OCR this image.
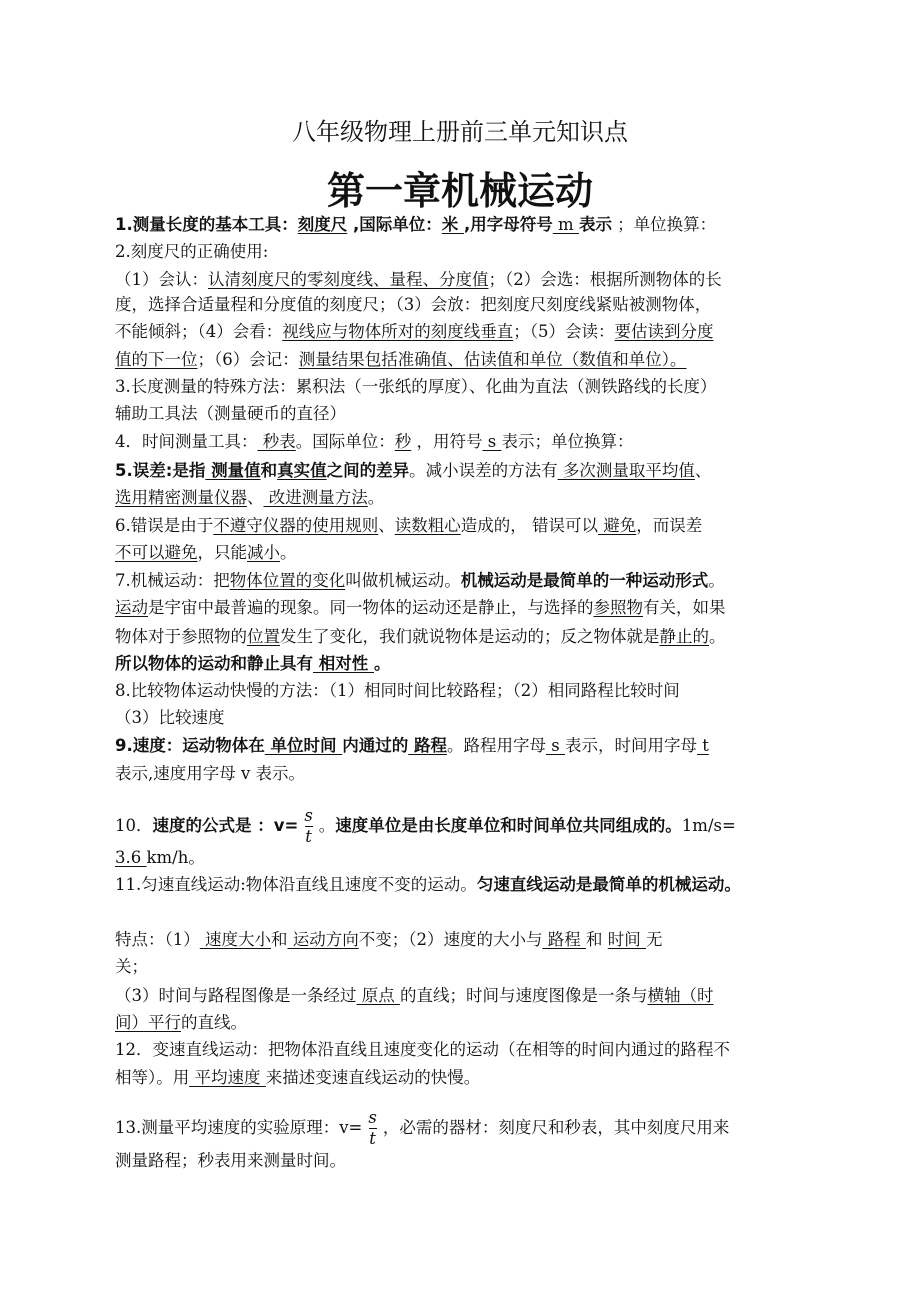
八年级物理上册前三单元知识点
第一章机械运动
1.测量长度的基本工具：刻度尺 ,国际单位：米 ,用字母符号 m 表示 ；单位换算：
2.刻度尺的正确使用:
（1）会认：认清刻度尺的零刻度线、量程、分度值；（2）会选：根据所测物体的长
度，选择合适量程和分度值的刻度尺；（3）会放：把刻度尺刻度线紧贴被测物体，
不能倾斜；（4）会看：视线应与物体所对的刻度线垂直；（5）会读：要估读到分度
值的下一位；（6）会记：测量结果包括准确值、估读值和单位（数值和单位）。
3.长度测量的特殊方法：累积法（一张纸的厚度）、化曲为直法（测铁路线的长度）
辅助工具法（测量硬币的直径）
4．时间测量工具： 秒表。国际单位：秒 ，用符号 s 表示；单位换算：
5.误差:是指 测量值和真实值之间的差异。减小误差的方法有 多次测量取平均值、
选用精密测量仪器、 改进测量方法。
6.错误是由于不遵守仪器的使用规则、读数粗心造成的， 错误可以 避免，而误差
不可以避免，只能减小。
7.机械运动：把物体位置的变化叫做机械运动。机械运动是最简单的一种运动形式。
运动是宇宙中最普遍的现象。同一物体的运动还是静止，与选择的参照物有关，如果
物体对于参照物的位置发生了变化，我们就说物体是运动的；反之物体就是静止的。
所以物体的运动和静止具有 相对性 。
8.比较物体运动快慢的方法：（1）相同时间比较路程；（2）相同路程比较时间
（3）比较速度
9.速度：运动物体在 单位时间 内通过的 路程。路程用字母 s 表示，时间用字母 t
表示,速度用字母 v 表示。
10．速度的公式是 ：$v= \frac{s}{t}$ 。速度单位是由长度单位和时间单位共同组成的。1m/s=
3.6 km/h。
11.匀速直线运动:物体沿直线且速度不变的运动。匀速直线运动是最简单的机械运动。
特点：（1） 速度大小和 运动方向不变；（2）速度的大小与 路程 和 时间 无
关；
（3）时间与路程图像是一条经过 原点 的直线；时间与速度图像是一条与横轴（时
间）平行的直线。
12．变速直线运动：把物体沿直线且速度变化的运动（在相等的时间内通过的路程不
相等）。用 平均速度 来描述变速直线运动的快慢。
13.测量平均速度的实验原理：$v= \frac{s}{t}$ ，必需的器材：刻度尺和秒表，其中刻度尺用来
测量路程；秒表用来测量时间。
